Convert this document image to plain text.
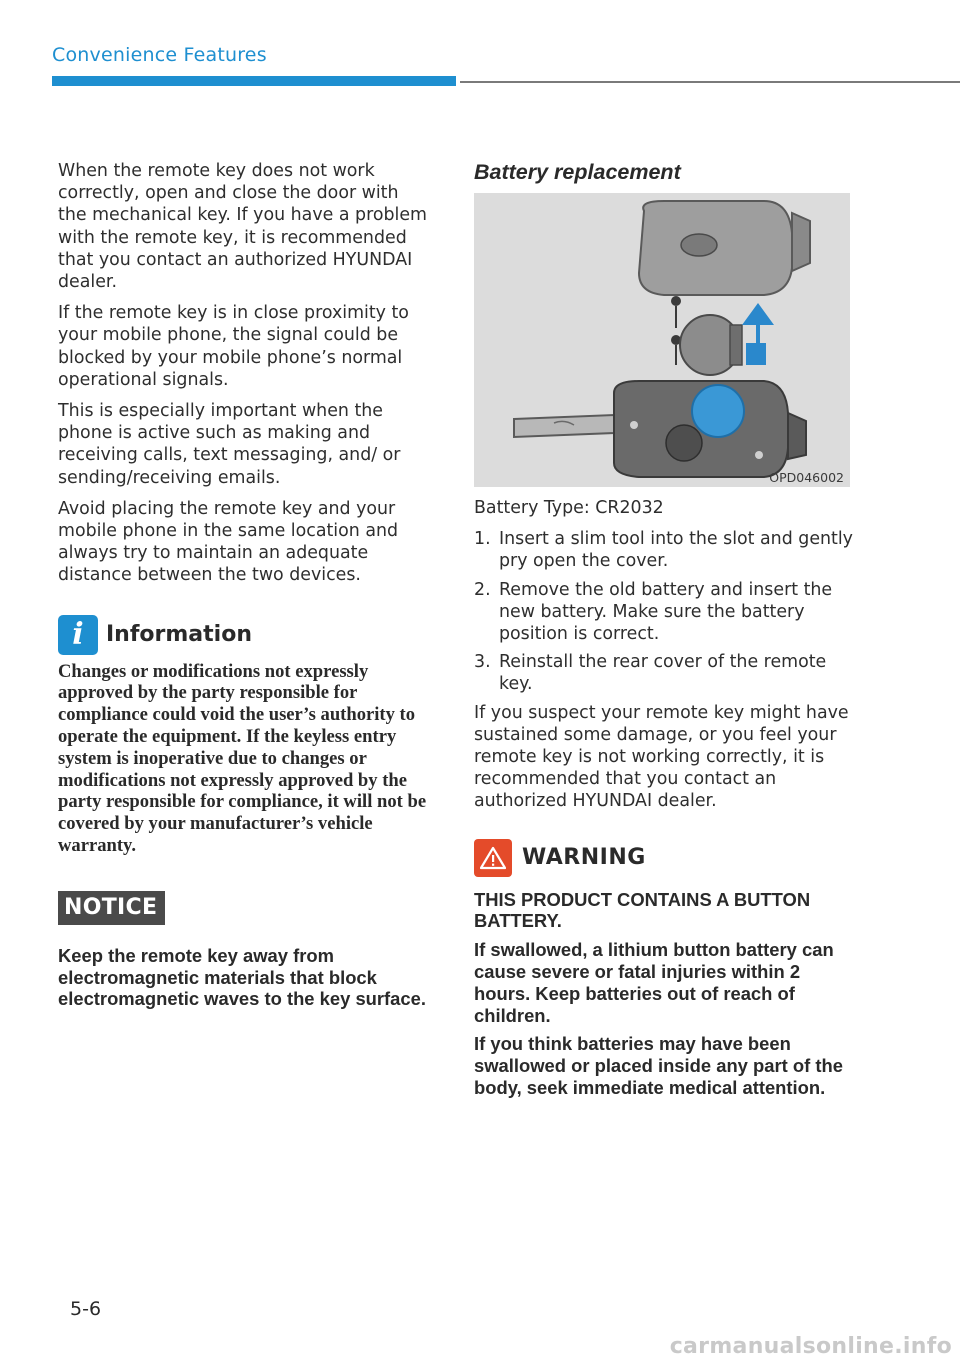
Convenience Features

When the remote key does not work correctly, open and close the door with the mechanical key. If you have a problem with the remote key, it is recommended that you contact an authorized HYUNDAI dealer.

If the remote key is in close proximity to your mobile phone, the signal could be blocked by your mobile phone’s normal operational signals.

This is especially important when the phone is active such as making and receiving calls, text messaging, and/ or sending/receiving emails.

Avoid placing the remote key and your mobile phone in the same location and always try to maintain an adequate distance between the two devices.

i	Information
Changes or modifications not expressly approved by the party responsible for compliance could void the user’s authority to operate the equipment. If the keyless entry system is inoperative due to changes or modifications not expressly approved by the party responsible for compliance, it will not be covered by your manufacturer’s vehicle warranty.
NOTICE
Keep the remote key away from electromagnetic materials that block electromagnetic waves to the key surface.
Battery replacement
OPD046002

Battery Type: CR2032

1. Insert a slim tool into the slot and gently pry open the cover.
2. Remove the old battery and insert the new battery. Make sure the battery position is correct.
3. Reinstall the rear cover of the remote key.

If you suspect your remote key might have sustained some damage, or you feel your remote key is not working correctly, it is recommended that you contact an authorized HYUNDAI dealer.

WARNING

THIS PRODUCT CONTAINS A BUTTON BATTERY.

If swallowed, a lithium button battery can cause severe or fatal injuries within 2 hours. Keep batteries out of reach of children.

If you think batteries may have been swallowed or placed inside any part of the body, seek immediate medical attention.

5-6
carmanualsonline.info
